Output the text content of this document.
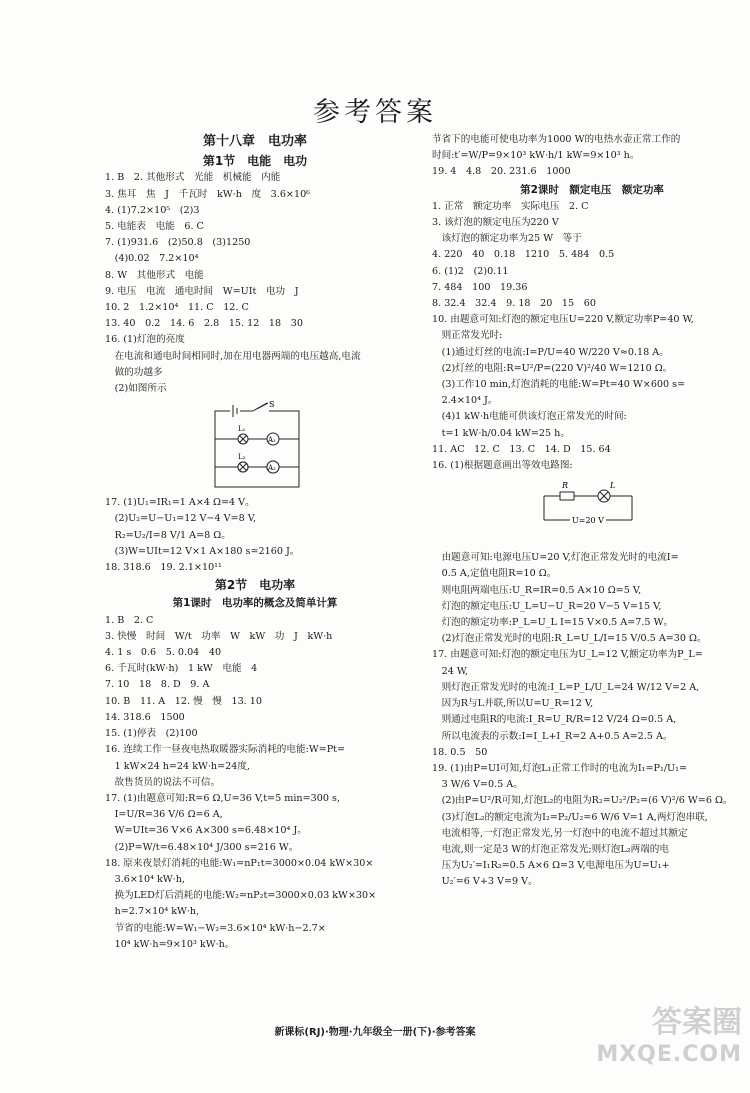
参考答案
第十八章　电功率
第1节　电能　电功
1. B　2. 其他形式　光能　机械能　内能
3. 焦耳　焦　J　千瓦时　kW·h　度　3.6×10⁶
4. (1)7.2×10⁵　(2)3
5. 电能表　电能　6. C
7. (1)931.6　(2)50.8　(3)1250
　(4)0.02　7.2×10⁴
8. W　其他形式　电能
9. 电压　电流　通电时间　W=UIt　电功　J
10. 2　1.2×10⁴　11. C　12. C
13. 40　0.2　14. 6　2.8　15. 12　18　30
16. (1)灯泡的亮度
　在电流和通电时间相同时,加在用电器两端的电压越高,电流
　做的功越多
　(2)如图所示
S
L₁
L₂
A₁
A₂
17. (1)U₁=IR₁=1 A×4 Ω=4 V。
　(2)U₂=U−U₁=12 V−4 V=8 V,
　R₂=U₂/I=8 V/1 A=8 Ω。
　(3)W=UIt=12 V×1 A×180 s=2160 J。
18. 318.6　19. 2.1×10¹¹
第2节　电功率
第1课时　电功率的概念及简单计算
1. B　2. C
3. 快慢　时间　W/t　功率　W　kW　功　J　kW·h
4. 1 s　0.6　5. 0.04　40
6. 千瓦时(kW·h)　1 kW　电能　4
7. 10　18　8. D　9. A
10. B　11. A　12. 慢　慢　13. 10
14. 318.6　1500
15. (1)停表　(2)100
16. 连续工作一昼夜电热取暖器实际消耗的电能:W=Pt=
　1 kW×24 h=24 kW·h=24度,
　故售货员的说法不可信。
17. (1)由题意可知:R=6 Ω,U=36 V,t=5 min=300 s,
　I=U/R=36 V/6 Ω=6 A,
　W=UIt=36 V×6 A×300 s=6.48×10⁴ J。
　(2)P=W/t=6.48×10⁴ J/300 s=216 W。
18. 原来夜景灯消耗的电能:W₁=nP₁t=3000×0.04 kW×30×
　3.6×10⁴ kW·h,
　换为LED灯后消耗的电能:W₂=nP₂t=3000×0.03 kW×30×
　h=2.7×10⁴ kW·h,
　节省的电能:W=W₁−W₂=3.6×10⁴ kW·h−2.7×
　10⁴ kW·h=9×10³ kW·h。
节省下的电能可使电功率为1000 W的电热水壶正常工作的
时间:t′=W/P=9×10³ kW·h/1 kW=9×10³ h。
19. 4　4.8　20. 231.6　1000
第2课时　额定电压　额定功率
1. 正常　额定功率　实际电压　2. C
3. 该灯泡的额定电压为220 V
　该灯泡的额定功率为25 W　等于
4. 220　40　0.18　1210　5. 484　0.5
6. (1)2　(2)0.11
7. 484　100　19.36
8. 32.4　32.4　9. 18　20　15　60
10. 由题意可知:灯泡的额定电压U=220 V,额定功率P=40 W,
　则正常发光时:
　(1)通过灯丝的电流:I=P/U=40 W/220 V≈0.18 A。
　(2)灯丝的电阻:R=U²/P=(220 V)²/40 W=1210 Ω。
　(3)工作10 min,灯泡消耗的电能:W=Pt=40 W×600 s=
　2.4×10⁴ J。
　(4)1 kW·h电能可供该灯泡正常发光的时间:
　t=1 kW·h/0.04 kW=25 h。
11. AC　12. C　13. C　14. D　15. 64
16. (1)根据题意画出等效电路图:
R	L
U=20 V
　由题意可知:电源电压U=20 V,灯泡正常发光时的电流I=
　0.5 A,定值电阻R=10 Ω。
　则电阻两端电压:U_R=IR=0.5 A×10 Ω=5 V,
　灯泡的额定电压:U_L=U−U_R=20 V−5 V=15 V,
　灯泡的额定功率:P_L=U_L I=15 V×0.5 A=7.5 W。
　(2)灯泡正常发光时的电阻:R_L=U_L/I=15 V/0.5 A=30 Ω。
17. 由题意可知:灯泡的额定电压为U_L=12 V,额定功率为P_L=
　24 W,
　则灯泡正常发光时的电流:I_L=P_L/U_L=24 W/12 V=2 A,
　因为R与L并联,所以U=U_R=12 V,
　则通过电阻R的电流:I_R=U_R/R=12 V/24 Ω=0.5 A,
　所以电流表的示数:I=I_L+I_R=2 A+0.5 A=2.5 A。
18. 0.5　50
19. (1)由P=UI可知,灯泡L₁正常工作时的电流为I₁=P₁/U₁=
　3 W/6 V=0.5 A。
　(2)由P=U²/R可知,灯泡L₂的电阻为R₂=U₂²/P₂=(6 V)²/6 W=6 Ω。
　(3)灯泡L₂的额定电流为I₂=P₂/U₂=6 W/6 V=1 A,两灯泡串联,
　电流相等,一灯泡正常发光,另一灯泡中的电流不超过其额定
　电流,则一定是3 W的灯泡正常发光;则灯泡L₂两端的电
　压为U₂′=I₁R₂=0.5 A×6 Ω=3 V,电源电压为U=U₁+
　U₂′=6 V+3 V=9 V。
新课标(RJ)·物理·九年级全一册(下)·参考答案	答案圈
MXQE.COM
